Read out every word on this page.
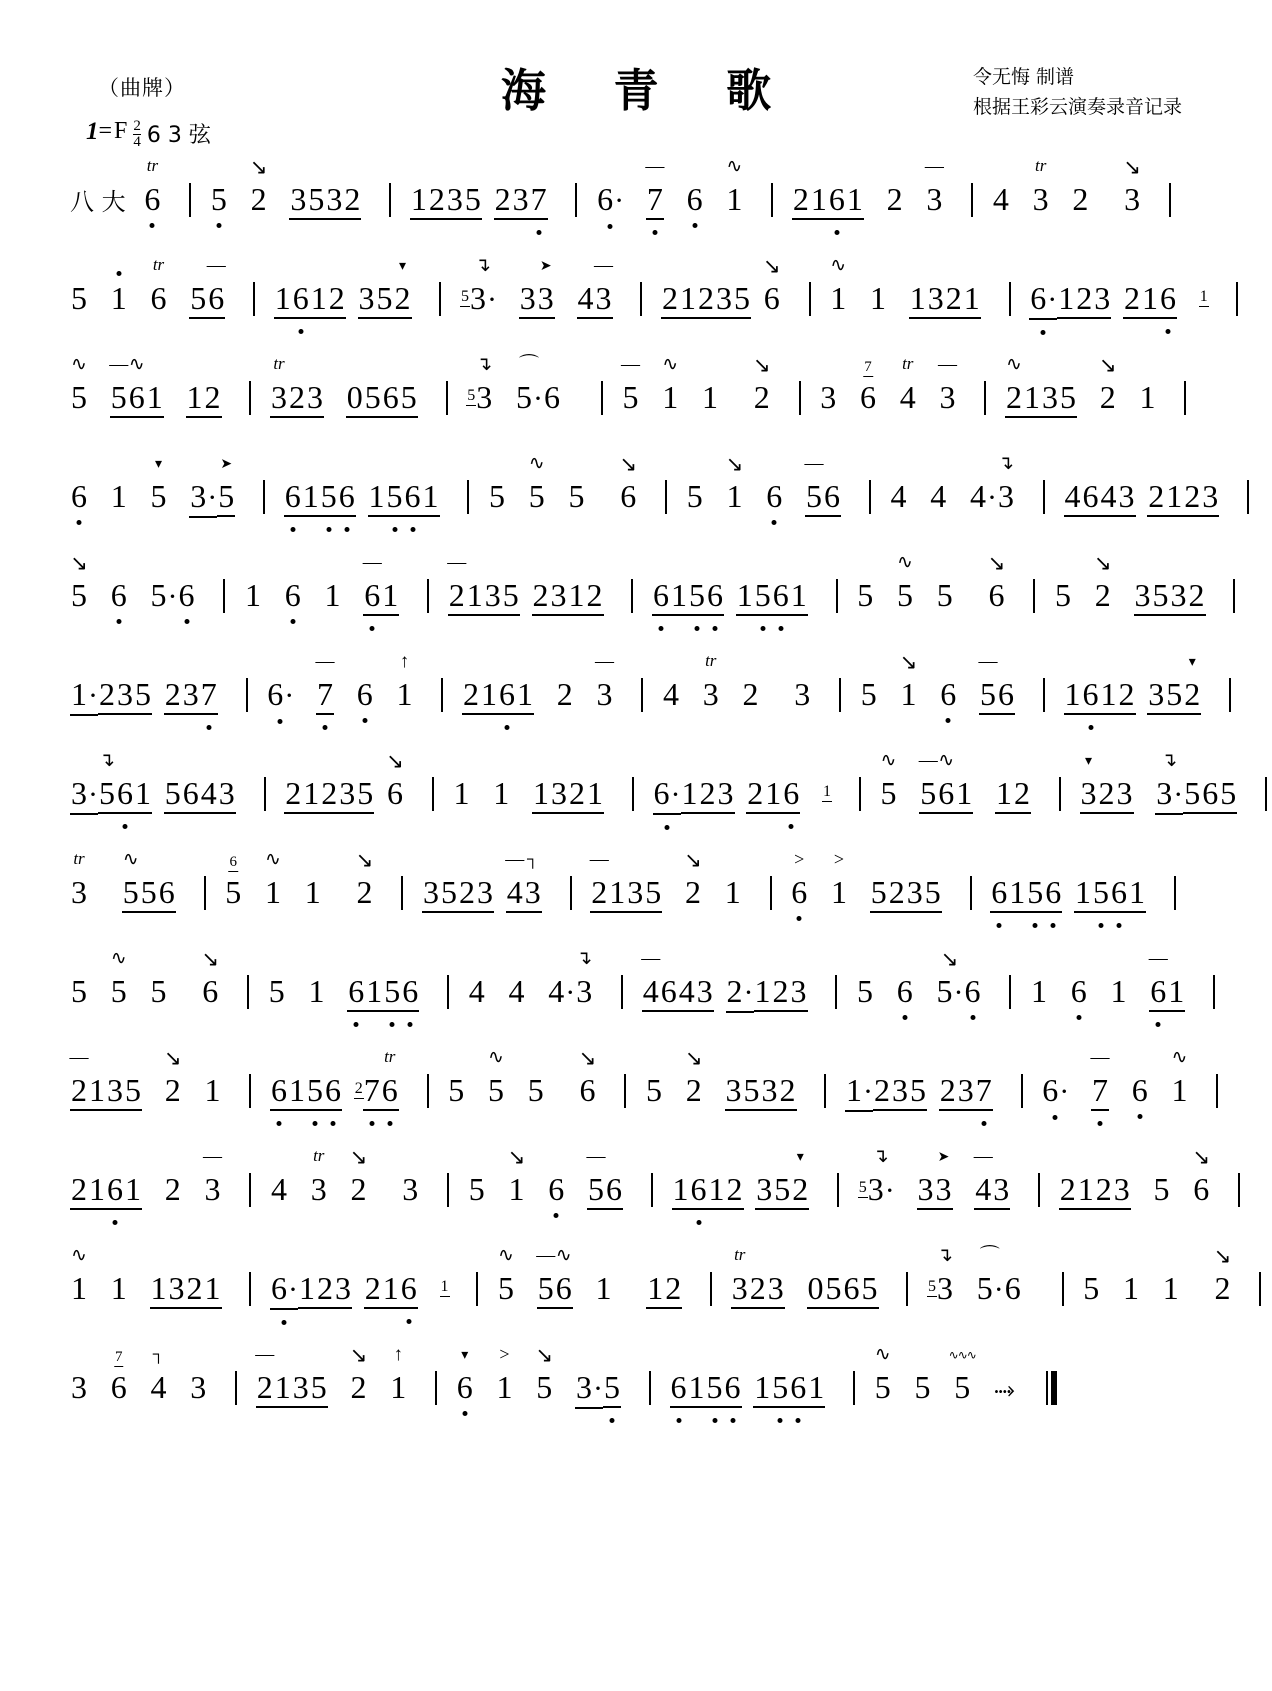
（曲牌）	海 青 歌	令无悔 制谱
根据王彩云演奏录音记录
1 = F $\frac{2}{4} 6$ 3 弦
八 大 6
tr 5 2
↘ 3532 1235 237 6
· 7 — 6 1
∿ 216
1 2 3 — 4 3
tr 2 3
↘

5 1 6
tr 56 — 16
12 352
▾	$^5$3
↴
· 33
➤ 43 — 21235 6
↘ 1
∿ 1 1321 6
· 123 216 $^1$
5
∿ 5
—
6
∿
1 12 3
tr
23 0565	$^5$3
↴ 5
⌒
· 6 5 — 1
∿ 1 2
↘ 3 6
7
4
tr 3 — 2
∿
135 2
↘ 1
6 1 5
▾ 3 · 5
➤ 6
15
6 15
6
1 5 5
∿ 5 6
↘ 5 1
↘ 6 5
—
6 4 4 4 · 3
↴ 4643 2123
5
↘ 6 5 · 6 1 6 1 6
—
1 2
—
135 2312 6
15
6 15
6
1 5 5
∿ 5 6
↘ 5 2
↘ 3532
1 · 235 237 6
· 7 — 6 1
↑ 216
1 2 3 — 4 3
tr 2 3 5 1
↘ 6 5
—
6 16
12 352
▾

3 · 5
↴
6
1 5643 21235 6
↘ 1 1 1321 6
· 123 216 $^1$ 5
∿ 5
—
6
∿
1 12 3
▾
23 3
↴
· 565
3
tr 5
∿
56 5
6
1
∿ 1 2
↘ 3523 4
—
3
┐ 2
—
135 2
↘ 1 6
> 1
> 5235 6
15
6 15
6
1
5 5
∿ 5 6
↘ 5 1 6
15
6 4 4 4 · 3
↴ 4
—
643 2 · 123 5 6 5
↘
· 6 1 6 1 6
—
1
2
—
135 2
↘ 1 6
15
6 $^2$7
6
tr 5 5
∿ 5 6
↘ 5 2
↘ 3532 1 · 235 237 6
· 7 — 6 1
∿

216
1 2 3 — 4 3
tr 2
↘ 3 5 1
↘ 6 5
—
6 16
12 352
▾	$^5$3
↴
· 33
➤ 4
—
3 2123 5 6
↘

1
∿ 1 1321 6
· 123 216 $^1$ 5
∿ 5
—
6
∿ 1 12 3
tr
23 0565	$^5$3
↴ 5
⌒
· 6 5 1 1 2
↘

3 6
7
4
┐ 3 2
—
135 2
↘ 1
↑ 6
▾ 1
> 5
↘ 3 · 5 6
15
6 15
6
1 5
∿ 5 5
∿∿∿ ⤑
